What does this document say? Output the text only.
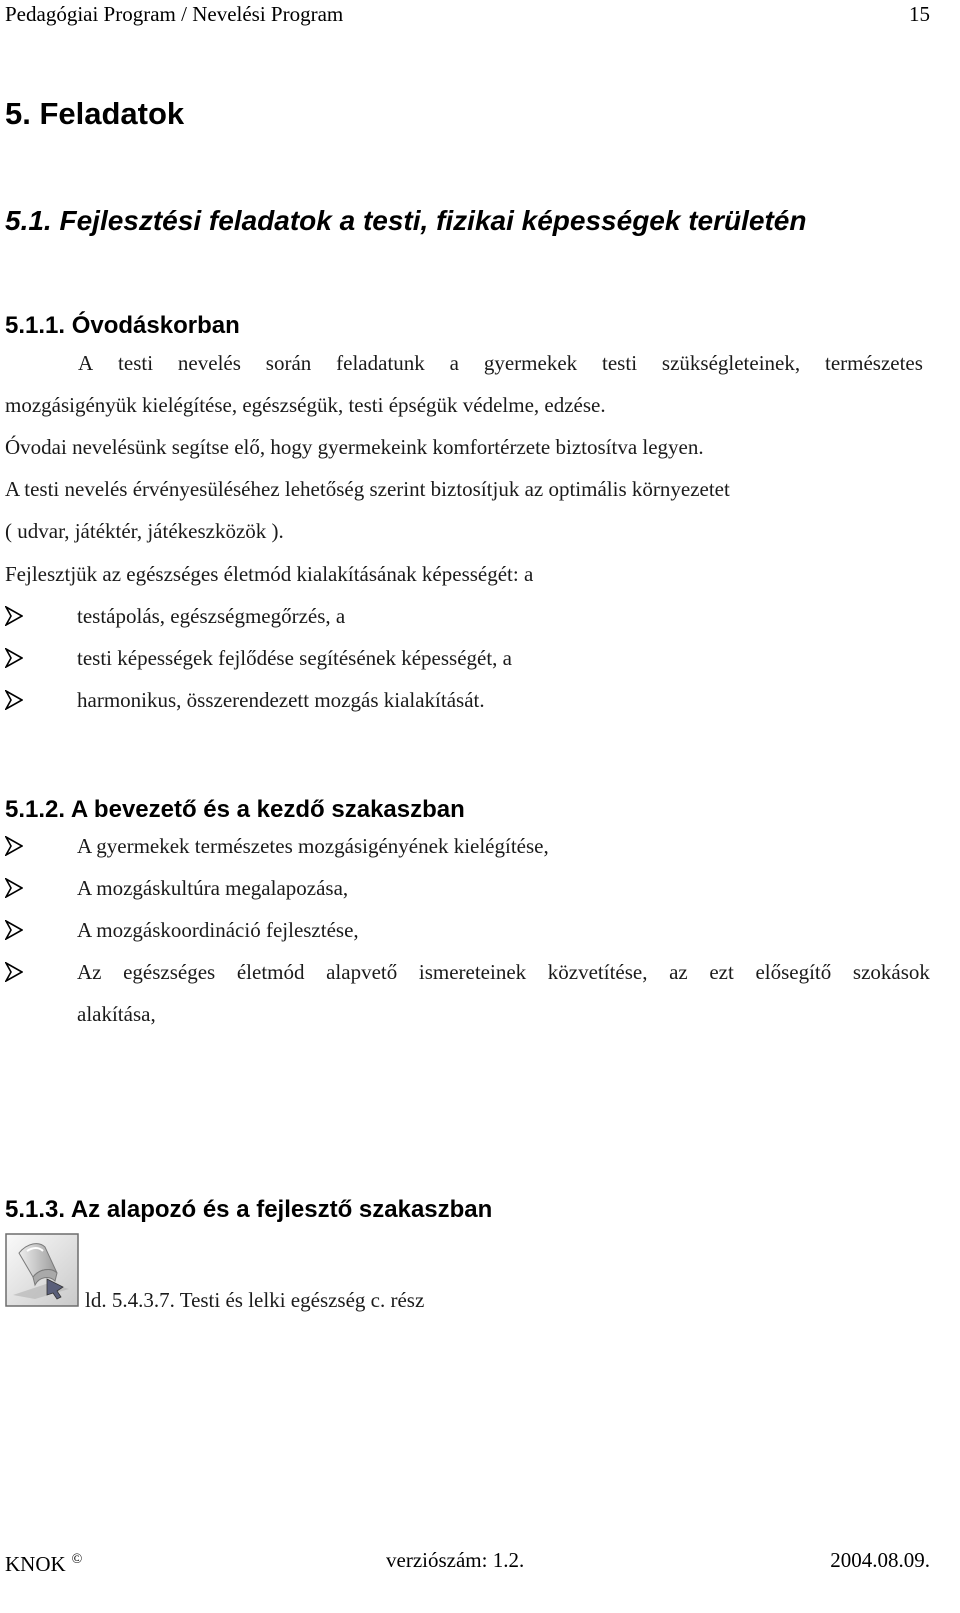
Pedagógiai Program / Nevelési Program	15
5. Feladatok
5.1. Fejlesztési feladatok a testi, fizikai képességek területén
5.1.1. Óvodáskorban
A testi nevelés során feladatunk a gyermekek testi szükségleteinek, természetes
mozgásigényük kielégítése, egészségük, testi épségük védelme, edzése.
Óvodai nevelésünk segítse elő, hogy gyermekeink komfortérzete biztosítva legyen.
A testi nevelés érvényesüléséhez lehetőség szerint biztosítjuk az optimális környezetet
( udvar, játéktér, játékeszközök ).
Fejlesztjük az egészséges életmód kialakításának képességét: a
testápolás, egészségmegőrzés, a
testi képességek fejlődése segítésének képességét, a
harmonikus, összerendezett mozgás kialakítását.
5.1.2. A bevezető és a kezdő szakaszban
A gyermekek természetes mozgásigényének kielégítése,
A mozgáskultúra megalapozása,
A mozgáskoordináció fejlesztése,
Az egészséges életmód alapvető ismereteinek közvetítése, az ezt elősegítő szokások
alakítása,
5.1.3. Az alapozó és a fejlesztő szakaszban
ld. 5.4.3.7. Testi és lelki egészség c. rész
KNOK ©	verziószám: 1.2.	2004.08.09.
